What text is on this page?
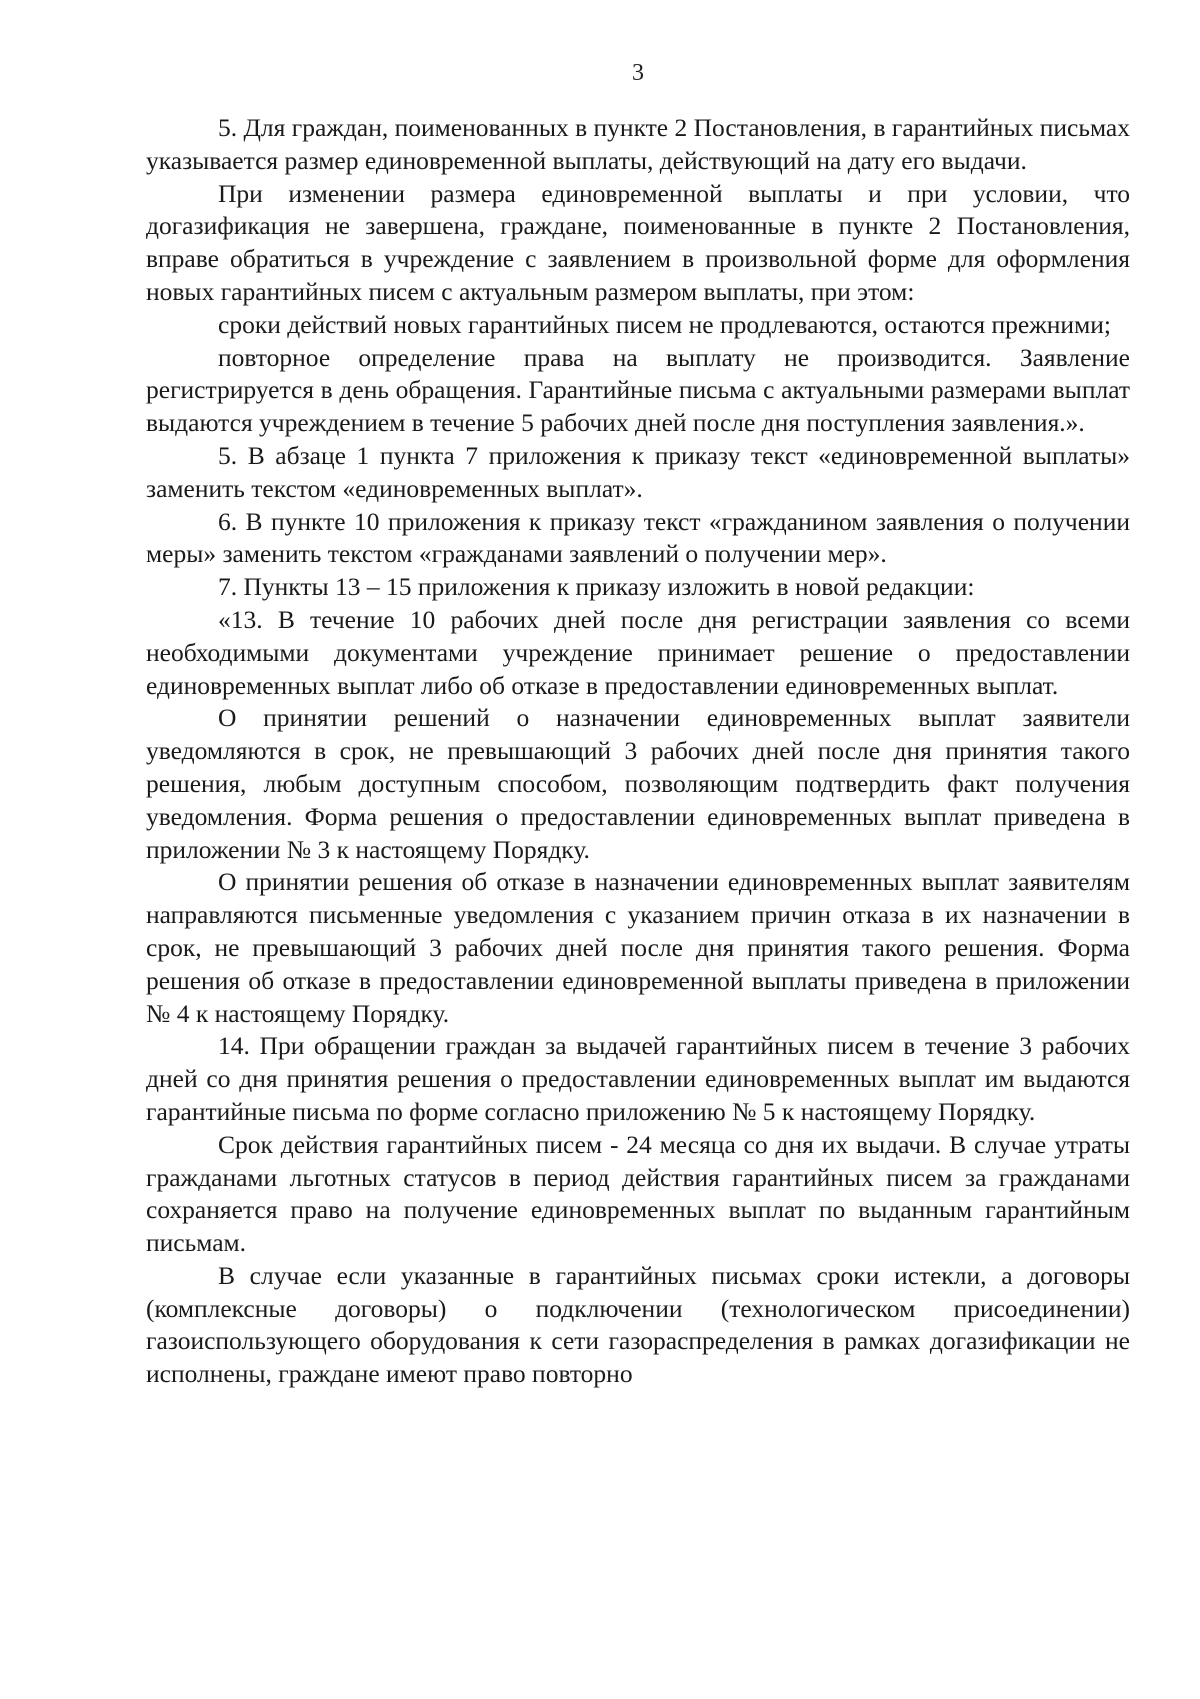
3

5. Для граждан, поименованных в пункте 2 Постановления, в гарантийных письмах указывается размер единовременной выплаты, действующий на дату его выдачи.

При изменении размера единовременной выплаты и при условии, что догазификация не завершена, граждане, поименованные в пункте 2 Постановления, вправе обратиться в учреждение с заявлением в произвольной форме для оформления новых гарантийных писем с актуальным размером выплаты, при этом:

сроки действий новых гарантийных писем не продлеваются, остаются прежними;

повторное определение права на выплату не производится. Заявление регистрируется в день обращения. Гарантийные письма с актуальными размерами выплат выдаются учреждением в течение 5 рабочих дней после дня поступления заявления.».

5. В абзаце 1 пункта 7 приложения к приказу текст «единовременной выплаты» заменить текстом «единовременных выплат».

6. В пункте 10 приложения к приказу текст «гражданином заявления о получении меры» заменить текстом «гражданами заявлений о получении мер».

7. Пункты 13 – 15 приложения к приказу изложить в новой редакции:

«13. В течение 10 рабочих дней после дня регистрации заявления со всеми необходимыми документами учреждение принимает решение о предоставлении единовременных выплат либо об отказе в предоставлении единовременных выплат.

О принятии решений о назначении единовременных выплат заявители уведомляются в срок, не превышающий 3 рабочих дней после дня принятия такого решения, любым доступным способом, позволяющим подтвердить факт получения уведомления. Форма решения о предоставлении единовременных выплат приведена в приложении № 3 к настоящему Порядку.

О принятии решения об отказе в назначении единовременных выплат заявителям направляются письменные уведомления с указанием причин отказа в их назначении в срок, не превышающий 3 рабочих дней после дня принятия такого решения. Форма решения об отказе в предоставлении единовременной выплаты приведена в приложении № 4 к настоящему Порядку.

14. При обращении граждан за выдачей гарантийных писем в течение 3 рабочих дней со дня принятия решения о предоставлении единовременных выплат им выдаются гарантийные письма по форме согласно приложению № 5 к настоящему Порядку.

Срок действия гарантийных писем - 24 месяца со дня их выдачи. В случае утраты гражданами льготных статусов в период действия гарантийных писем за гражданами сохраняется право на получение единовременных выплат по выданным гарантийным письмам.

В случае если указанные в гарантийных письмах сроки истекли, а договоры (комплексные договоры) о подключении (технологическом присоединении) газоиспользующего оборудования к сети газораспределения в рамках догазификации не исполнены, граждане имеют право повторно
